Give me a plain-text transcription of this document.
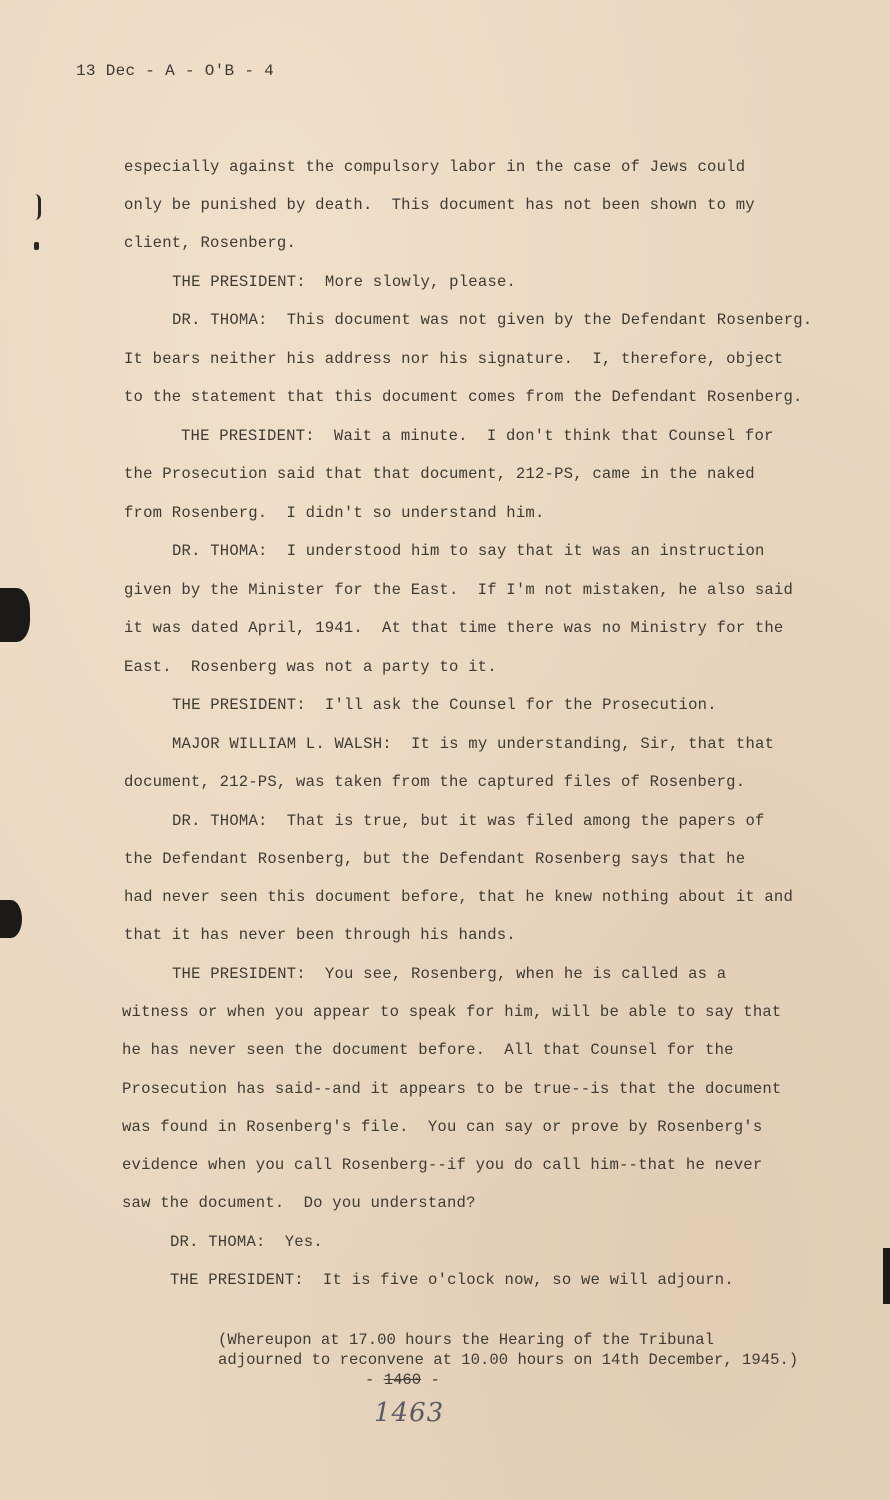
13 Dec - A - O'B - 4
especially against the compulsory labor in the case of Jews could
only be punished by death.  This document has not been shown to my
client, Rosenberg.
THE PRESIDENT:  More slowly, please.
DR. THOMA:  This document was not given by the Defendant Rosenberg.
It bears neither his address nor his signature.  I, therefore, object
to the statement that this document comes from the Defendant Rosenberg.
THE PRESIDENT:  Wait a minute.  I don't think that Counsel for
the Prosecution said that that document, 212-PS, came in the naked
from Rosenberg.  I didn't so understand him.
DR. THOMA:  I understood him to say that it was an instruction
given by the Minister for the East.  If I'm not mistaken, he also said
it was dated April, 1941.  At that time there was no Ministry for the
East.  Rosenberg was not a party to it.
THE PRESIDENT:  I'll ask the Counsel for the Prosecution.
MAJOR WILLIAM L. WALSH:  It is my understanding, Sir, that that
document, 212-PS, was taken from the captured files of Rosenberg.
DR. THOMA:  That is true, but it was filed among the papers of
the Defendant Rosenberg, but the Defendant Rosenberg says that he
had never seen this document before, that he knew nothing about it and
that it has never been through his hands.
THE PRESIDENT:  You see, Rosenberg, when he is called as a
witness or when you appear to speak for him, will be able to say that
he has never seen the document before.  All that Counsel for the
Prosecution has said--and it appears to be true--is that the document
was found in Rosenberg's file.  You can say or prove by Rosenberg's
evidence when you call Rosenberg--if you do call him--that he never
saw the document.  Do you understand?
DR. THOMA:  Yes.
THE PRESIDENT:  It is five o'clock now, so we will adjourn.
(Whereupon at 17.00 hours the Hearing of the Tribunal
adjourned to reconvene at 10.00 hours on 14th December, 1945.)
- 1460 -
1463
